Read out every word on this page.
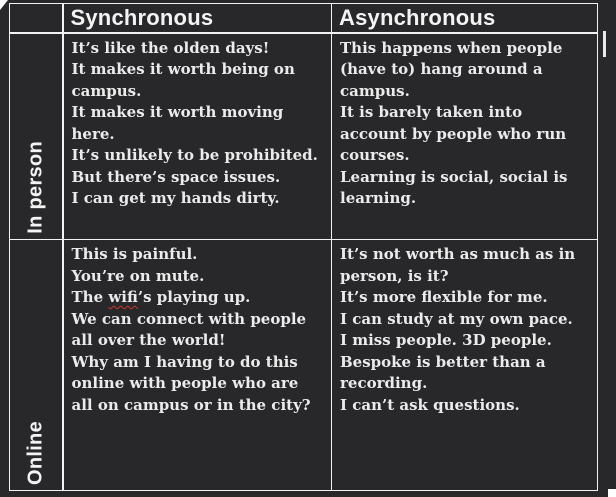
Synchronous	Asynchronous
In person
It’s like the olden days!
It makes it worth being on campus.
It makes it worth moving here.
It’s unlikely to be prohibited.
But there’s space issues.
I can get my hands dirty.
This happens when people (have to) hang around a campus.
It is barely taken into account by people who run courses.
Learning is social, social is learning.
Online
This is painful.
You’re on mute.
The wifi’s playing up.
We can connect with people all over the world!
Why am I having to do this online with people who are all on campus or in the city?
It’s not worth as much as in person, is it?
It’s more flexible for me.
I can study at my own pace.
I miss people. 3D people.
Bespoke is better than a recording.
I can’t ask questions.
